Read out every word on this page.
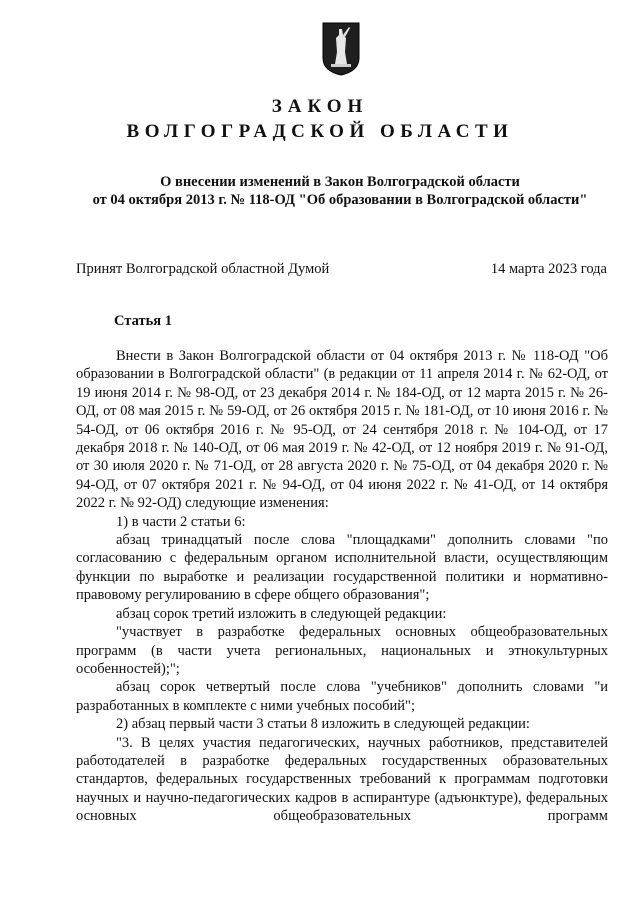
ЗАКОН
ВОЛГОГРАДСКОЙ ОБЛАСТИ
О внесении изменений в Закон Волгоградской области
от 04 октября 2013 г. № 118-ОД "Об образовании в Волгоградской области"
Принят Волгоградской областной Думой	14 марта 2023 года
Статья 1

Внести в Закон Волгоградской области от 04 октября 2013 г. № 118-ОД "Об образовании в Волгоградской области" (в редакции от 11 апреля 2014 г. № 62-ОД, от 19 июня 2014 г. № 98-ОД, от 23 декабря 2014 г. № 184-ОД, от 12 марта 2015 г. № 26-ОД, от 08 мая 2015 г. № 59-ОД, от 26 октября 2015 г. № 181-ОД, от 10 июня 2016 г. № 54-ОД, от 06 октября 2016 г. № 95-ОД, от 24 сентября 2018 г. № 104-ОД, от 17 декабря 2018 г. № 140-ОД, от 06 мая 2019 г. № 42-ОД, от 12 ноября 2019 г. № 91-ОД, от 30 июля 2020 г. № 71-ОД, от 28 августа 2020 г. № 75-ОД, от 04 декабря 2020 г. № 94-ОД, от 07 октября 2021 г. № 94-ОД, от 04 июня 2022 г. № 41-ОД, от 14 октября 2022 г. № 92-ОД) следующие изменения:

1) в части 2 статьи 6:

абзац тринадцатый после слова "площадками" дополнить словами "по согласованию с федеральным органом исполнительной власти, осуществляющим функции по выработке и реализации государственной политики и нормативно-правовому регулированию в сфере общего образования";

абзац сорок третий изложить в следующей редакции:

"участвует в разработке федеральных основных общеобразовательных программ (в части учета региональных, национальных и этнокультурных особенностей);";

абзац сорок четвертый после слова "учебников" дополнить словами "и разработанных в комплекте с ними учебных пособий";

2) абзац первый части 3 статьи 8 изложить в следующей редакции:

"3. В целях участия педагогических, научных работников, представителей работодателей в разработке федеральных государственных образовательных стандартов, федеральных государственных требований к программам подготовки научных и научно-педагогических кадров в аспирантуре (адъюнктуре), федеральных основных общеобразовательных программ
